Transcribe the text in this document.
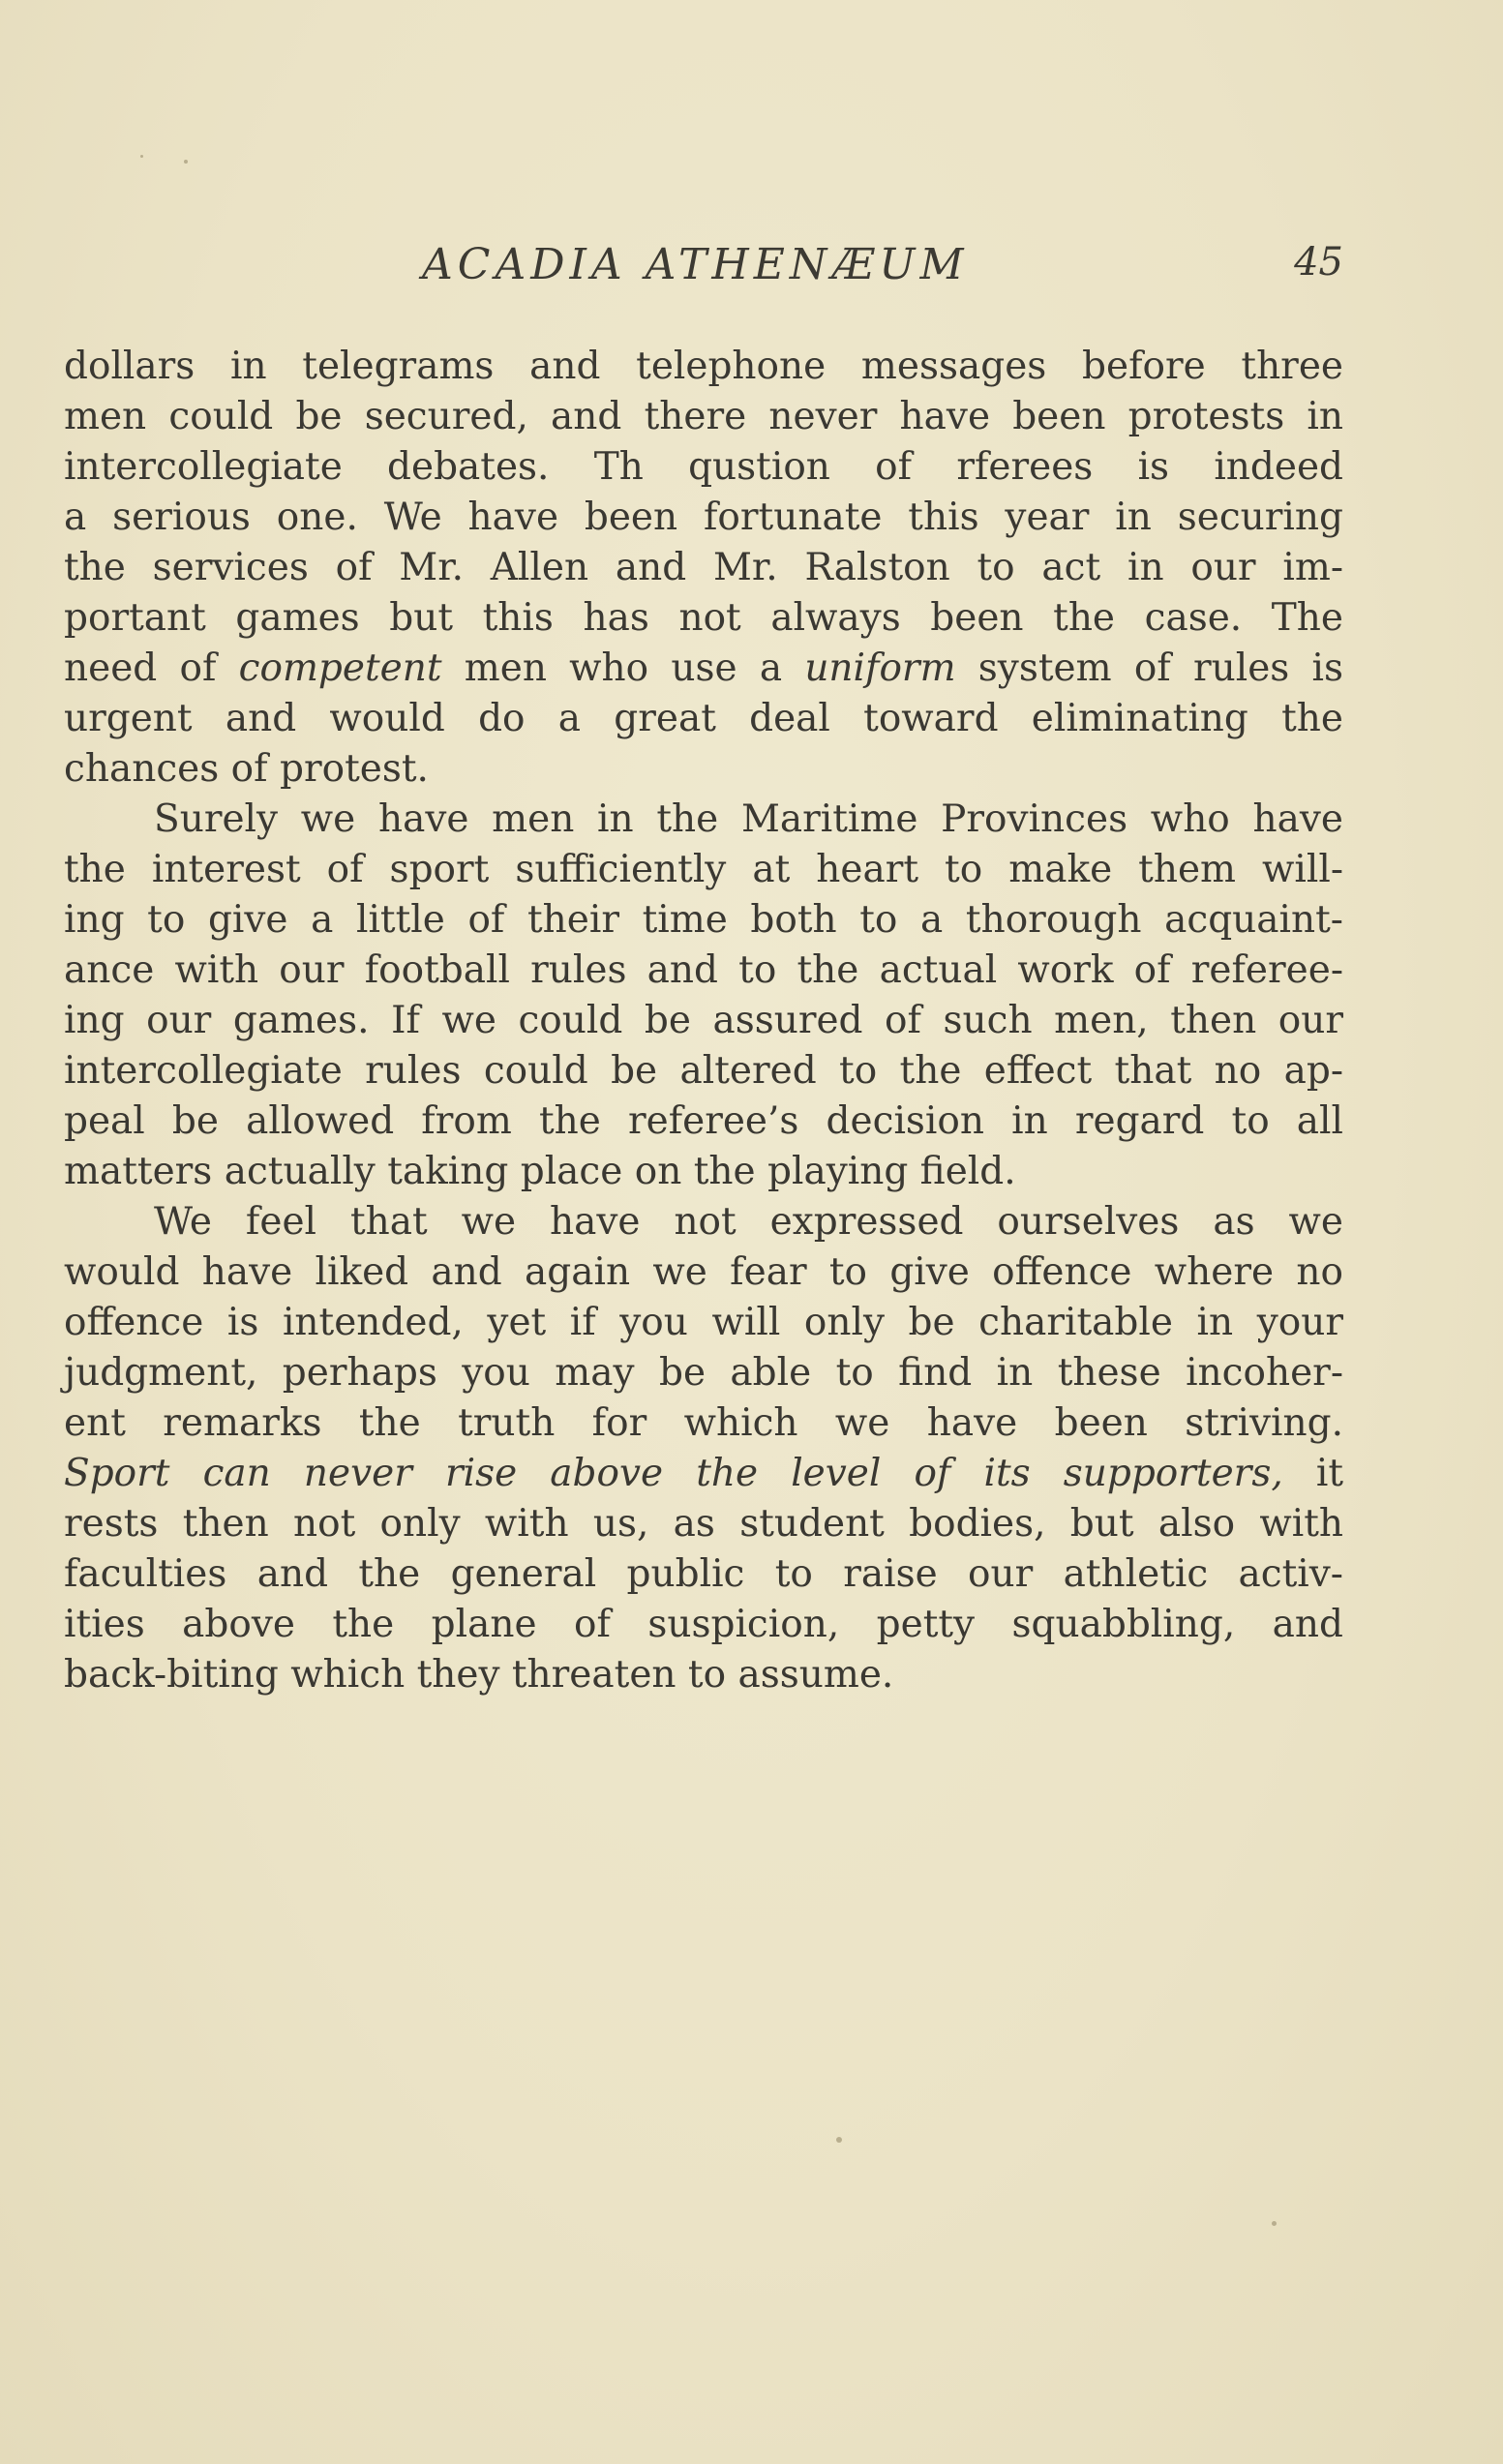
ACADIA ATHENÆUM	45
dollars in telegrams and telephone messages before three
men could be secured, and there never have been protests in
intercollegiate debates. Th qustion of rferees is indeed
a serious one. We have been fortunate this year in securing
the services of Mr. Allen and Mr. Ralston to act in our im-
portant games but this has not always been the case. The
need of competent men who use a uniform system of rules is
urgent and would do a great deal toward eliminating the
chances of protest.
Surely we have men in the Maritime Provinces who have
the interest of sport sufficiently at heart to make them will-
ing to give a little of their time both to a thorough acquaint-
ance with our football rules and to the actual work of referee-
ing our games. If we could be assured of such men, then our
intercollegiate rules could be altered to the effect that no ap-
peal be allowed from the referee’s decision in regard to all
matters actually taking place on the playing field.
We feel that we have not expressed ourselves as we
would have liked and again we fear to give offence where no
offence is intended, yet if you will only be charitable in your
judgment, perhaps you may be able to find in these incoher-
ent remarks the truth for which we have been striving.
Sport can never rise above the level of its supporters, it
rests then not only with us, as student bodies, but also with
faculties and the general public to raise our athletic activ-
ities above the plane of suspicion, petty squabbling, and
back-biting which they threaten to assume.
